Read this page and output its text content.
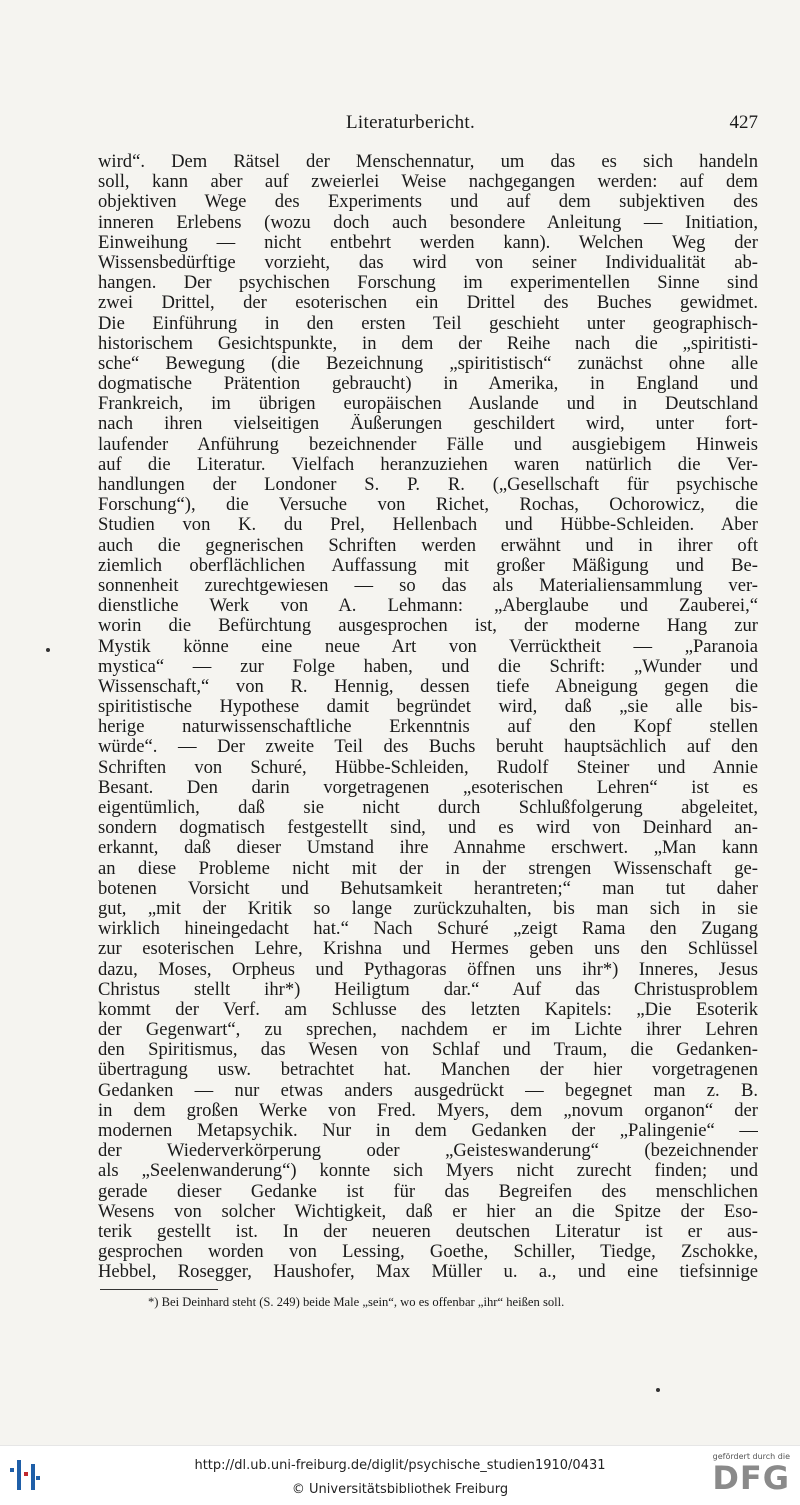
Literaturbericht.	427
wird“. Dem Rätsel der Menschennatur, um das es sich handeln
soll, kann aber auf zweierlei Weise nachgegangen werden: auf dem
objektiven Wege des Experiments und auf dem subjektiven des
inneren Erlebens (wozu doch auch besondere Anleitung — Initiation,
Einweihung — nicht entbehrt werden kann). Welchen Weg der
Wissensbedürftige vorzieht, das wird von seiner Individualität ab-
hangen. Der psychischen Forschung im experimentellen Sinne sind
zwei Drittel, der esoterischen ein Drittel des Buches gewidmet.
Die Einführung in den ersten Teil geschieht unter geographisch-
historischem Gesichtspunkte, in dem der Reihe nach die „spiritisti-
sche“ Bewegung (die Bezeichnung „spiritistisch“ zunächst ohne alle
dogmatische Prätention gebraucht) in Amerika, in England und
Frankreich, im übrigen europäischen Auslande und in Deutschland
nach ihren vielseitigen Äußerungen geschildert wird, unter fort-
laufender Anführung bezeichnender Fälle und ausgiebigem Hinweis
auf die Literatur. Vielfach heranzuziehen waren natürlich die Ver-
handlungen der Londoner S. P. R. („Gesellschaft für psychische
Forschung“), die Versuche von Richet, Rochas, Ochorowicz, die
Studien von K. du Prel, Hellenbach und Hübbe-Schleiden. Aber
auch die gegnerischen Schriften werden erwähnt und in ihrer oft
ziemlich oberflächlichen Auffassung mit großer Mäßigung und Be-
sonnenheit zurechtgewiesen — so das als Materialiensammlung ver-
dienstliche Werk von A. Lehmann: „Aberglaube und Zauberei,“
worin die Befürchtung ausgesprochen ist, der moderne Hang zur
Mystik könne eine neue Art von Verrücktheit — „Paranoia
mystica“ — zur Folge haben, und die Schrift: „Wunder und
Wissenschaft,“ von R. Hennig, dessen tiefe Abneigung gegen die
spiritistische Hypothese damit begründet wird, daß „sie alle bis-
herige naturwissenschaftliche Erkenntnis auf den Kopf stellen
würde“. — Der zweite Teil des Buchs beruht hauptsächlich auf den
Schriften von Schuré, Hübbe-Schleiden, Rudolf Steiner und Annie
Besant. Den darin vorgetragenen „esoterischen Lehren“ ist es
eigentümlich, daß sie nicht durch Schlußfolgerung abgeleitet,
sondern dogmatisch festgestellt sind, und es wird von Deinhard an-
erkannt, daß dieser Umstand ihre Annahme erschwert. „Man kann
an diese Probleme nicht mit der in der strengen Wissenschaft ge-
botenen Vorsicht und Behutsamkeit herantreten;“ man tut daher
gut, „mit der Kritik so lange zurückzuhalten, bis man sich in sie
wirklich hineingedacht hat.“ Nach Schuré „zeigt Rama den Zugang
zur esoterischen Lehre, Krishna und Hermes geben uns den Schlüssel
dazu, Moses, Orpheus und Pythagoras öffnen uns ihr*) Inneres, Jesus
Christus stellt ihr*) Heiligtum dar.“ Auf das Christusproblem
kommt der Verf. am Schlusse des letzten Kapitels: „Die Esoterik
der Gegenwart“, zu sprechen, nachdem er im Lichte ihrer Lehren
den Spiritismus, das Wesen von Schlaf und Traum, die Gedanken-
übertragung usw. betrachtet hat. Manchen der hier vorgetragenen
Gedanken — nur etwas anders ausgedrückt — begegnet man z. B.
in dem großen Werke von Fred. Myers, dem „novum organon“ der
modernen Metapsychik. Nur in dem Gedanken der „Palingenie“ —
der Wiederverkörperung oder „Geisteswanderung“ (bezeichnender
als „Seelenwanderung“) konnte sich Myers nicht zurecht finden; und
gerade dieser Gedanke ist für das Begreifen des menschlichen
Wesens von solcher Wichtigkeit, daß er hier an die Spitze der Eso-
terik gestellt ist. In der neueren deutschen Literatur ist er aus-
gesprochen worden von Lessing, Goethe, Schiller, Tiedge, Zschokke,
Hebbel, Rosegger, Haushofer, Max Müller u. a., und eine tiefsinnige
*) Bei Deinhard steht (S. 249) beide Male „sein“, wo es offenbar „ihr“ heißen soll.
http://dl.ub.uni-freiburg.de/diglit/psychische_studien1910/0431
© Universitätsbibliothek Freiburg
gefördert durch die
DFG
